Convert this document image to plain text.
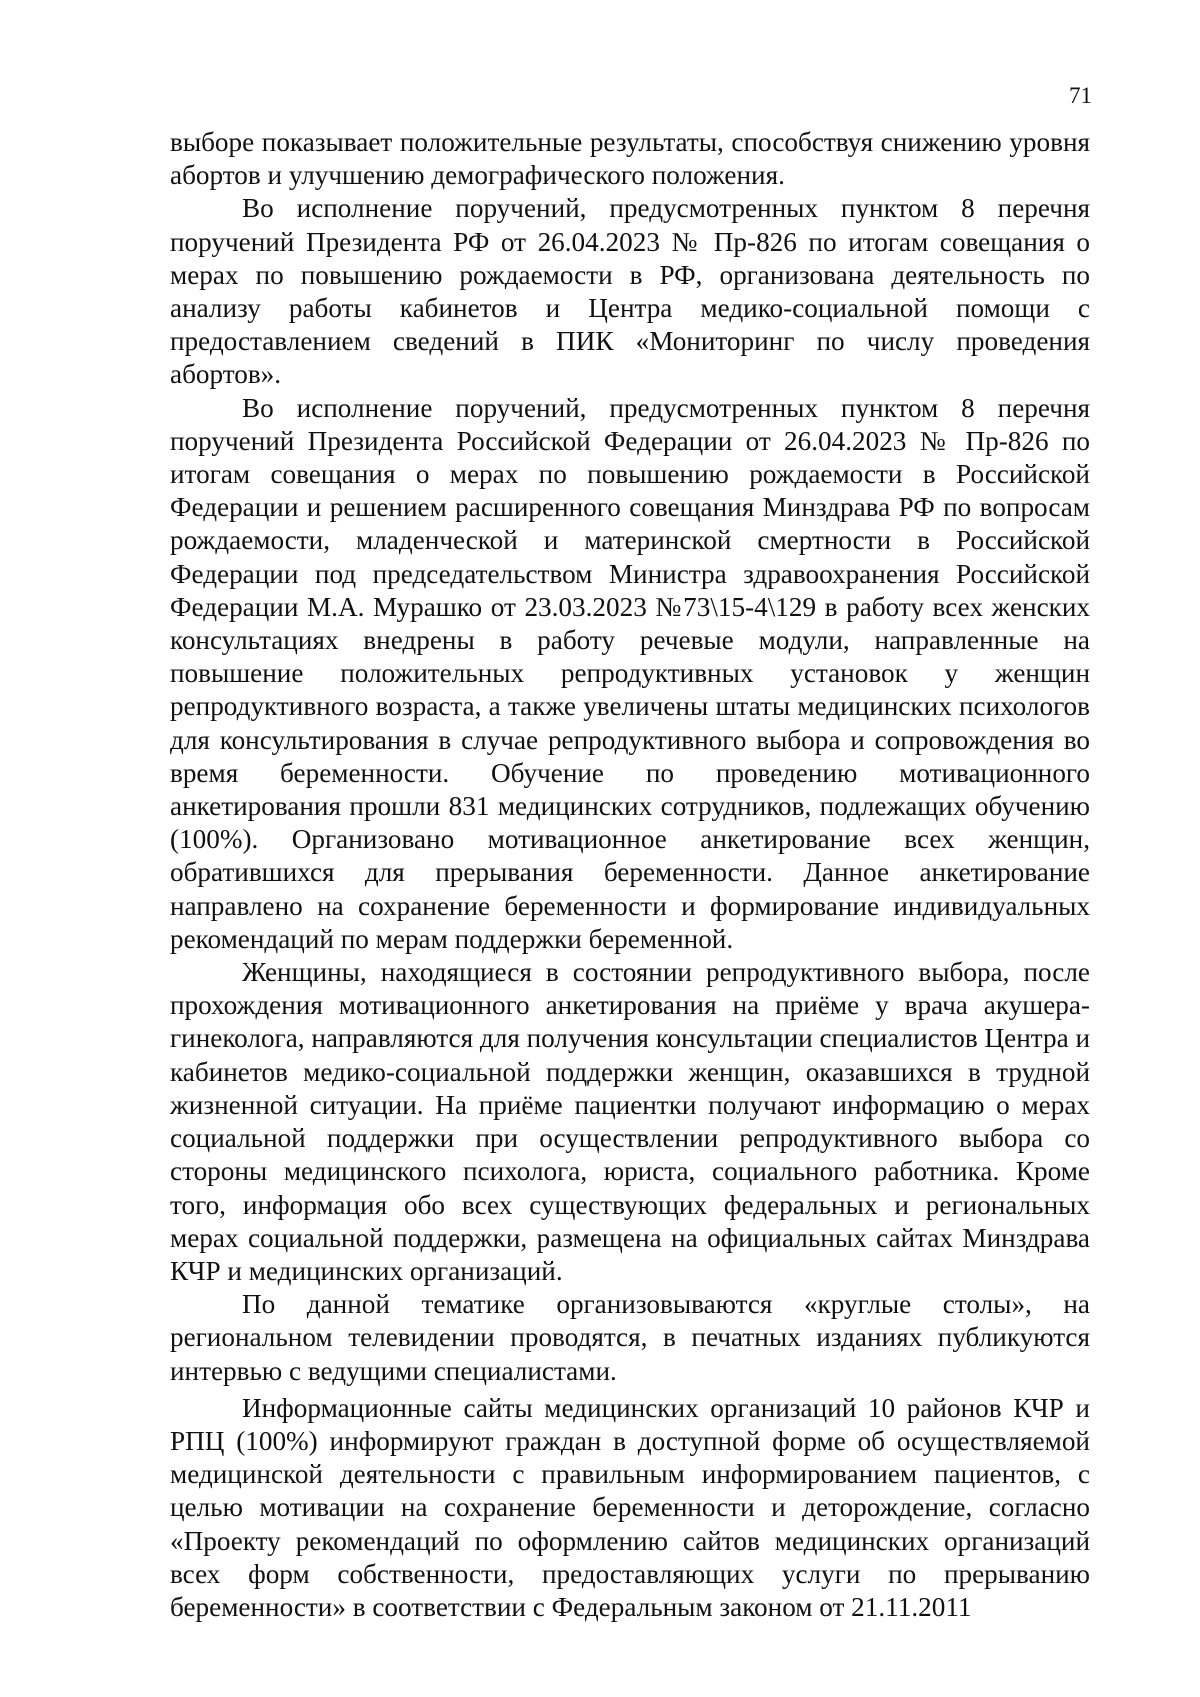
71

выборе показывает положительные результаты, способствуя снижению уровня абортов и улучшению демографического положения.

Во исполнение поручений, предусмотренных пунктом 8 перечня поручений Президента РФ от 26.04.2023 № Пр-826 по итогам совещания о мерах по повышению рождаемости в РФ, организована деятельность по анализу работы кабинетов и Центра медико-социальной помощи с предоставлением сведений в ПИК «Мониторинг по числу проведения абортов».

Во исполнение поручений, предусмотренных пунктом 8 перечня поручений Президента Российской Федерации от 26.04.2023 № Пр-826 по итогам совещания о мерах по повышению рождаемости в Российской Федерации и решением расширенного совещания Минздрава РФ по вопросам рождаемости, младенческой и материнской смертности в Российской Федерации под председательством Министра здравоохранения Российской Федерации М.А. Мурашко от 23.03.2023 №73\15-4\129 в работу всех женских консультациях внедрены в работу речевые модули, направленные на повышение положительных репродуктивных установок у женщин репродуктивного возраста, а также увеличены штаты медицинских психологов для консультирования в случае репродуктивного выбора и сопровождения во время беременности. Обучение по проведению мотивационного анкетирования прошли 831 медицинских сотрудников, подлежащих обучению (100%). Организовано мотивационное анкетирование всех женщин, обратившихся для прерывания беременности. Данное анкетирование направлено на сохранение беременности и формирование индивидуальных рекомендаций по мерам поддержки беременной.

Женщины, находящиеся в состоянии репродуктивного выбора, после прохождения мотивационного анкетирования на приёме у врача акушера-гинеколога, направляются для получения консультации специалистов Центра и кабинетов медико-социальной поддержки женщин, оказавшихся в трудной жизненной ситуации. На приёме пациентки получают информацию о мерах социальной поддержки при осуществлении репродуктивного выбора со стороны медицинского психолога, юриста, социального работника. Кроме того, информация обо всех существующих федеральных и региональных мерах социальной поддержки, размещена на официальных сайтах Минздрава КЧР и медицинских организаций.

По данной тематике организовываются «круглые столы», на региональном телевидении проводятся, в печатных изданиях публикуются интервью с ведущими специалистами.

Информационные сайты медицинских организаций 10 районов КЧР и РПЦ (100%) информируют граждан в доступной форме об осуществляемой медицинской деятельности с правильным информированием пациентов, с целью мотивации на сохранение беременности и деторождение, согласно «Проекту рекомендаций по оформлению сайтов медицинских организаций всех форм собственности, предоставляющих услуги по прерыванию беременности» в соответствии с Федеральным законом от 21.11.2011
